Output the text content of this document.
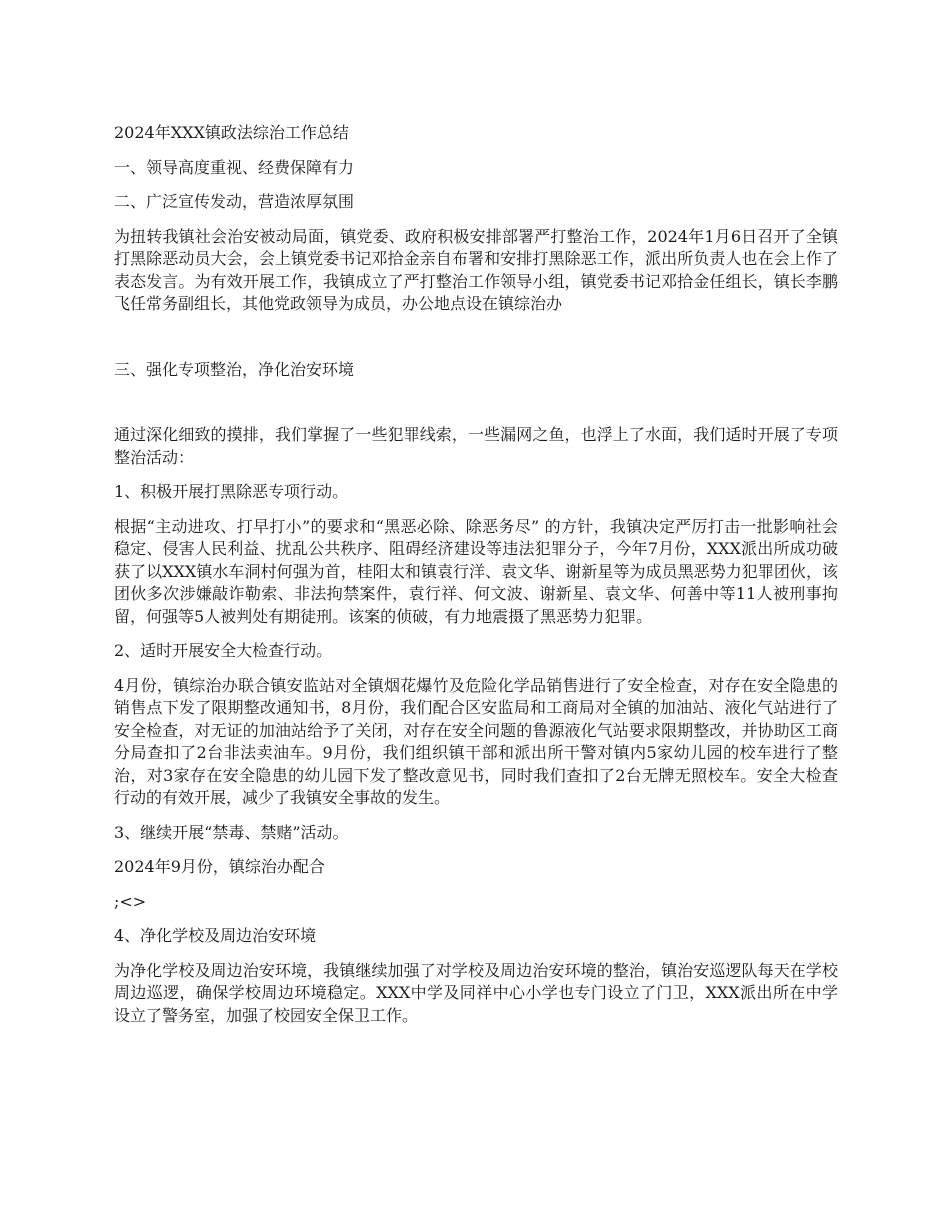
2024年XXX镇政法综治工作总结

一、领导高度重视、经费保障有力

二、广泛宣传发动，营造浓厚氛围

为扭转我镇社会治安被动局面，镇党委、政府积极安排部署严打整治工作，2024年1月6日召开了全镇打黑除恶动员大会，会上镇党委书记邓拾金亲自布署和安排打黑除恶工作，派出所负责人也在会上作了表态发言。为有效开展工作，我镇成立了严打整治工作领导小组，镇党委书记邓拾金任组长，镇长李鹏飞任常务副组长，其他党政领导为成员，办公地点设在镇综治办

三、强化专项整治，净化治安环境

通过深化细致的摸排，我们掌握了一些犯罪线索，一些漏网之鱼，也浮上了水面，我们适时开展了专项整治活动：

1、积极开展打黑除恶专项行动。

根据“主动进攻、打早打小”的要求和“黑恶必除、除恶务尽” 的方针，我镇决定严厉打击一批影响社会稳定、侵害人民利益、扰乱公共秩序、阻碍经济建设等违法犯罪分子，今年7月份，XXX派出所成功破获了以XXX镇水车洞村何强为首，桂阳太和镇袁行洋、袁文华、谢新星等为成员黑恶势力犯罪团伙，该团伙多次涉嫌敲诈勒索、非法拘禁案件，袁行祥、何文波、谢新星、袁文华、何善中等11人被刑事拘留，何强等5人被判处有期徒刑。该案的侦破，有力地震摄了黑恶势力犯罪。

2、适时开展安全大检查行动。

4月份，镇综治办联合镇安监站对全镇烟花爆竹及危险化学品销售进行了安全检查，对存在安全隐患的销售点下发了限期整改通知书，8月份，我们配合区安监局和工商局对全镇的加油站、液化气站进行了安全检查，对无证的加油站给予了关闭，对存在安全问题的鲁源液化气站要求限期整改，并协助区工商分局查扣了2台非法卖油车。9月份，我们组织镇干部和派出所干警对镇内5家幼儿园的校车进行了整治，对3家存在安全隐患的幼儿园下发了整改意见书，同时我们查扣了2台无牌无照校车。安全大检查行动的有效开展，减少了我镇安全事故的发生。

3、继续开展“禁毒、禁赌”活动。

2024年9月份，镇综治办配合

;<>

4、净化学校及周边治安环境

为净化学校及周边治安环境，我镇继续加强了对学校及周边治安环境的整治，镇治安巡逻队每天在学校周边巡逻，确保学校周边环境稳定。XXX中学及同祥中心小学也专门设立了门卫，XXX派出所在中学设立了警务室，加强了校园安全保卫工作。
